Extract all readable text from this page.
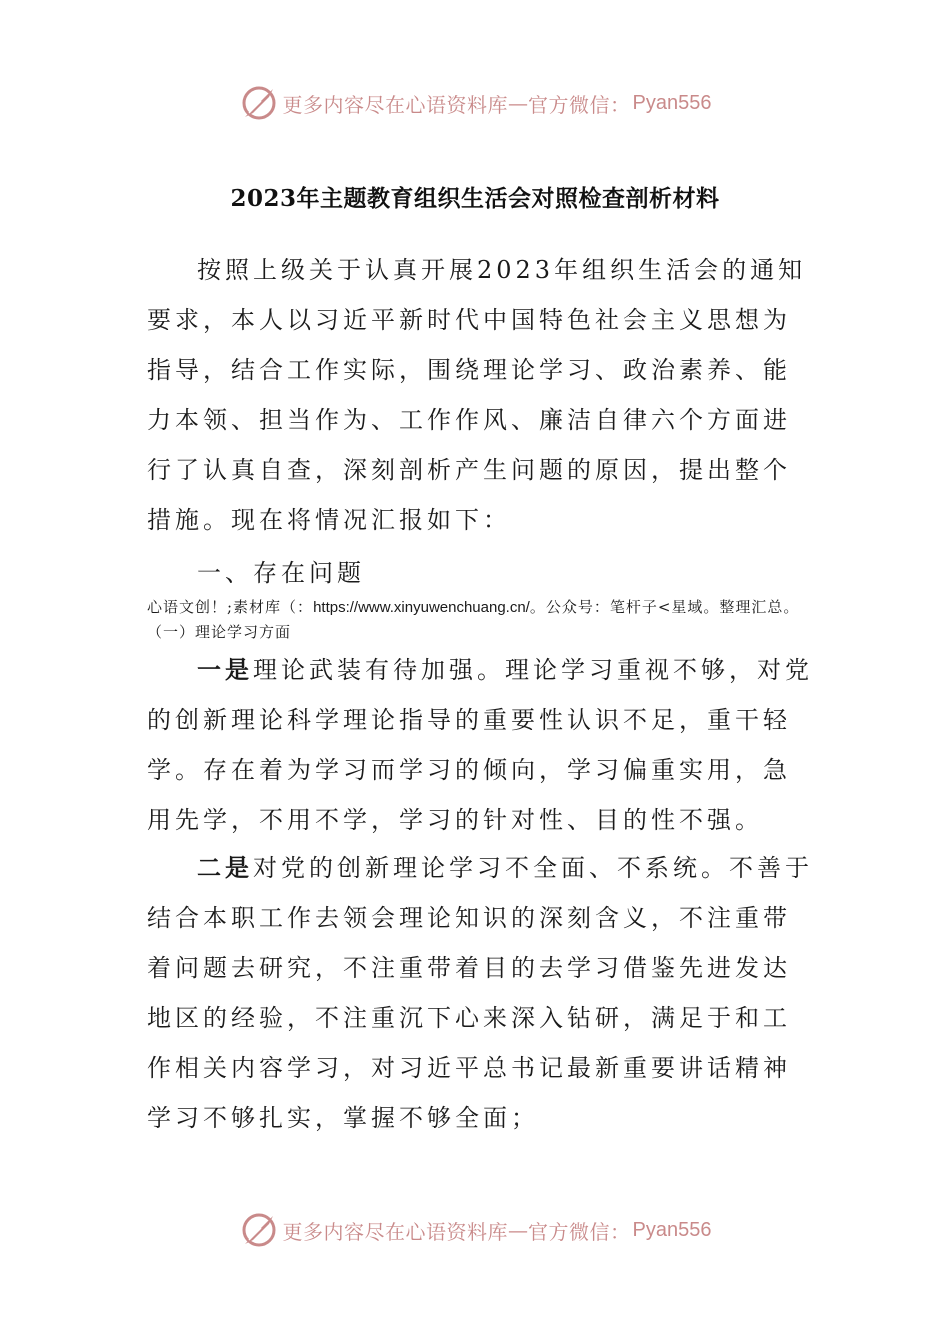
更多内容尽在心语资料库 — 官方微信： Pyan556
2023年主题教育组织生活会对照检查剖析材料
按照上级关于认真开展2023年组织生活会的通知要求，本人以习近平新时代中国特色社会主义思想为指导，结合工作实际，围绕理论学习、政治素养、能力本领、担当作为、工作作风、廉洁自律六个方面进行了认真自查，深刻剖析产生问题的原因，提出整个措施。现在将情况汇报如下：
一、存在问题
心语文创！;素材库（：https://www.xinyuwenchuang.cn/。公众号：笔杆子<星域。整理汇总。（一）理论学习方面
一是理论武装有待加强。理论学习重视不够，对党的创新理论科学理论指导的重要性认识不足，重干轻学。存在着为学习而学习的倾向，学习偏重实用，急用先学，不用不学，学习的针对性、目的性不强。
二是对党的创新理论学习不全面、不系统。不善于结合本职工作去领会理论知识的深刻含义，不注重带着问题去研究，不注重带着目的去学习借鉴先进发达地区的经验，不注重沉下心来深入钻研，满足于和工作相关内容学习，对习近平总书记最新重要讲话精神学习不够扎实，掌握不够全面；
更多内容尽在心语资料库 — 官方微信： Pyan556
